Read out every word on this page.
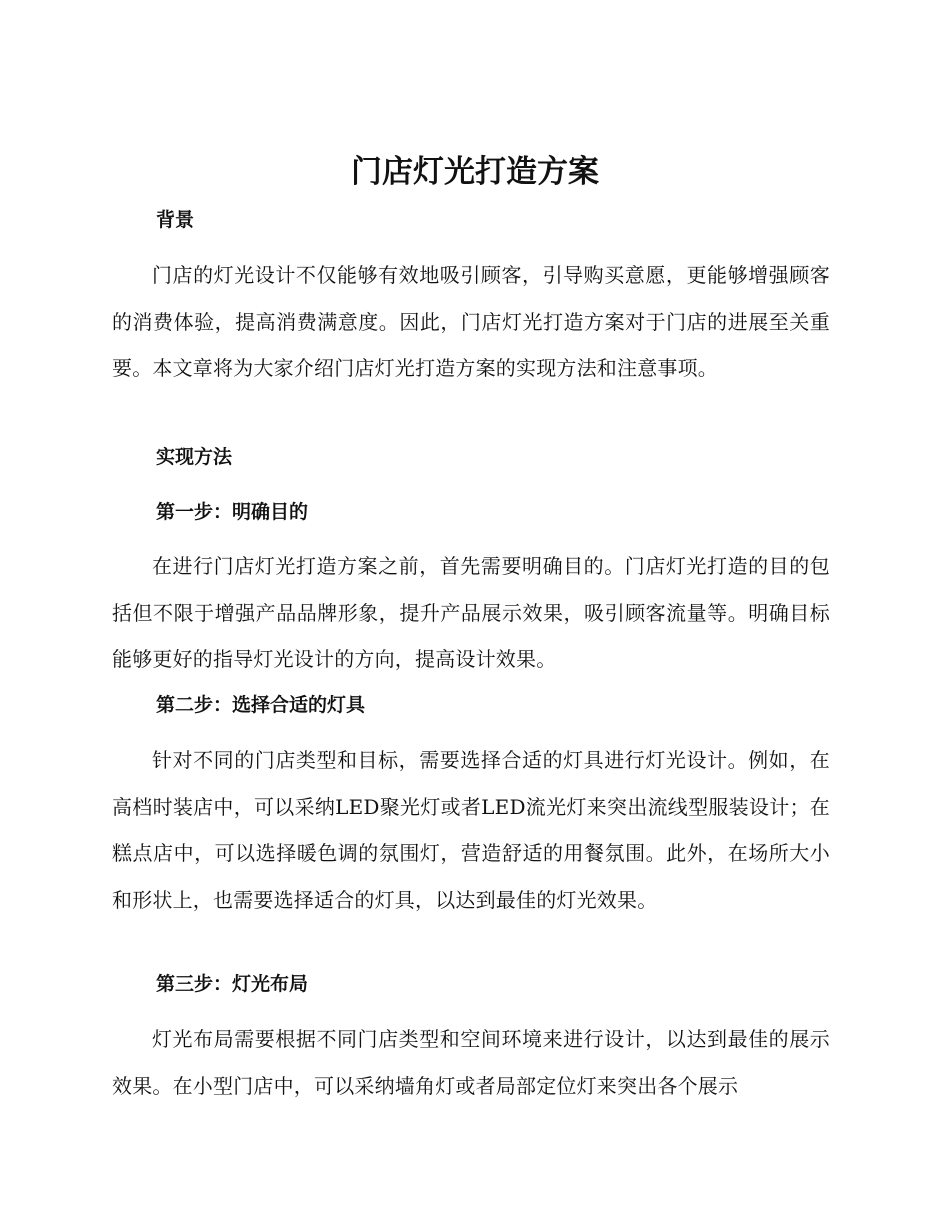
门店灯光打造方案
背景

门店的灯光设计不仅能够有效地吸引顾客，引导购买意愿，更能够增强顾客的消费体验，提高消费满意度。因此，门店灯光打造方案对于门店的进展至关重要。本文章将为大家介绍门店灯光打造方案的实现方法和注意事项。

实现方法
第一步：明确目的

在进行门店灯光打造方案之前，首先需要明确目的。门店灯光打造的目的包括但不限于增强产品品牌形象，提升产品展示效果，吸引顾客流量等。明确目标能够更好的指导灯光设计的方向，提高设计效果。

第二步：选择合适的灯具

针对不同的门店类型和目标，需要选择合适的灯具进行灯光设计。例如，在高档时装店中，可以采纳LED聚光灯或者LED流光灯来突出流线型服装设计；在糕点店中，可以选择暖色调的氛围灯，营造舒适的用餐氛围。此外，在场所大小和形状上，也需要选择适合的灯具，以达到最佳的灯光效果。

第三步：灯光布局

灯光布局需要根据不同门店类型和空间环境来进行设计，以达到最佳的展示效果。在小型门店中，可以采纳墙角灯或者局部定位灯来突出各个展示
